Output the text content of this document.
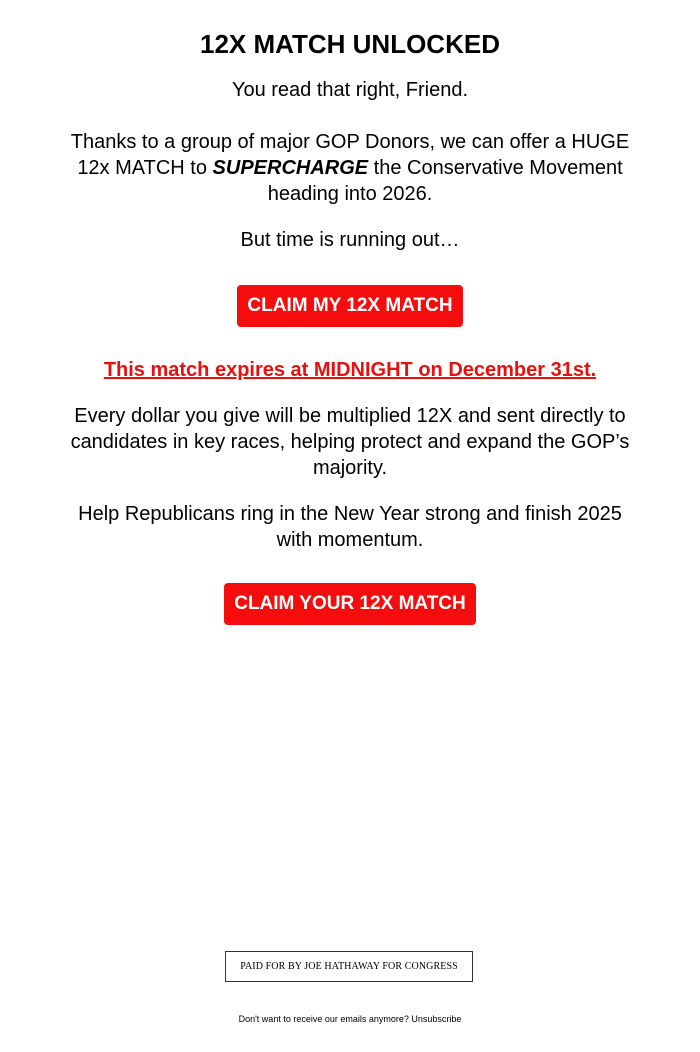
12X MATCH UNLOCKED

You read that right, Friend.

Thanks to a group of major GOP Donors, we can offer a HUGE 12x MATCH to SUPERCHARGE the Conservative Movement heading into 2026.

But time is running out…

CLAIM MY 12X MATCH

This match expires at MIDNIGHT on December 31st.

Every dollar you give will be multiplied 12X and sent directly to candidates in key races, helping protect and expand the GOP’s majority.

Help Republicans ring in the New Year strong and finish 2025 with momentum.

CLAIM YOUR 12X MATCH
PAID FOR BY JOE HATHAWAY FOR CONGRESS
Don't want to receive our emails anymore? Unsubscribe
